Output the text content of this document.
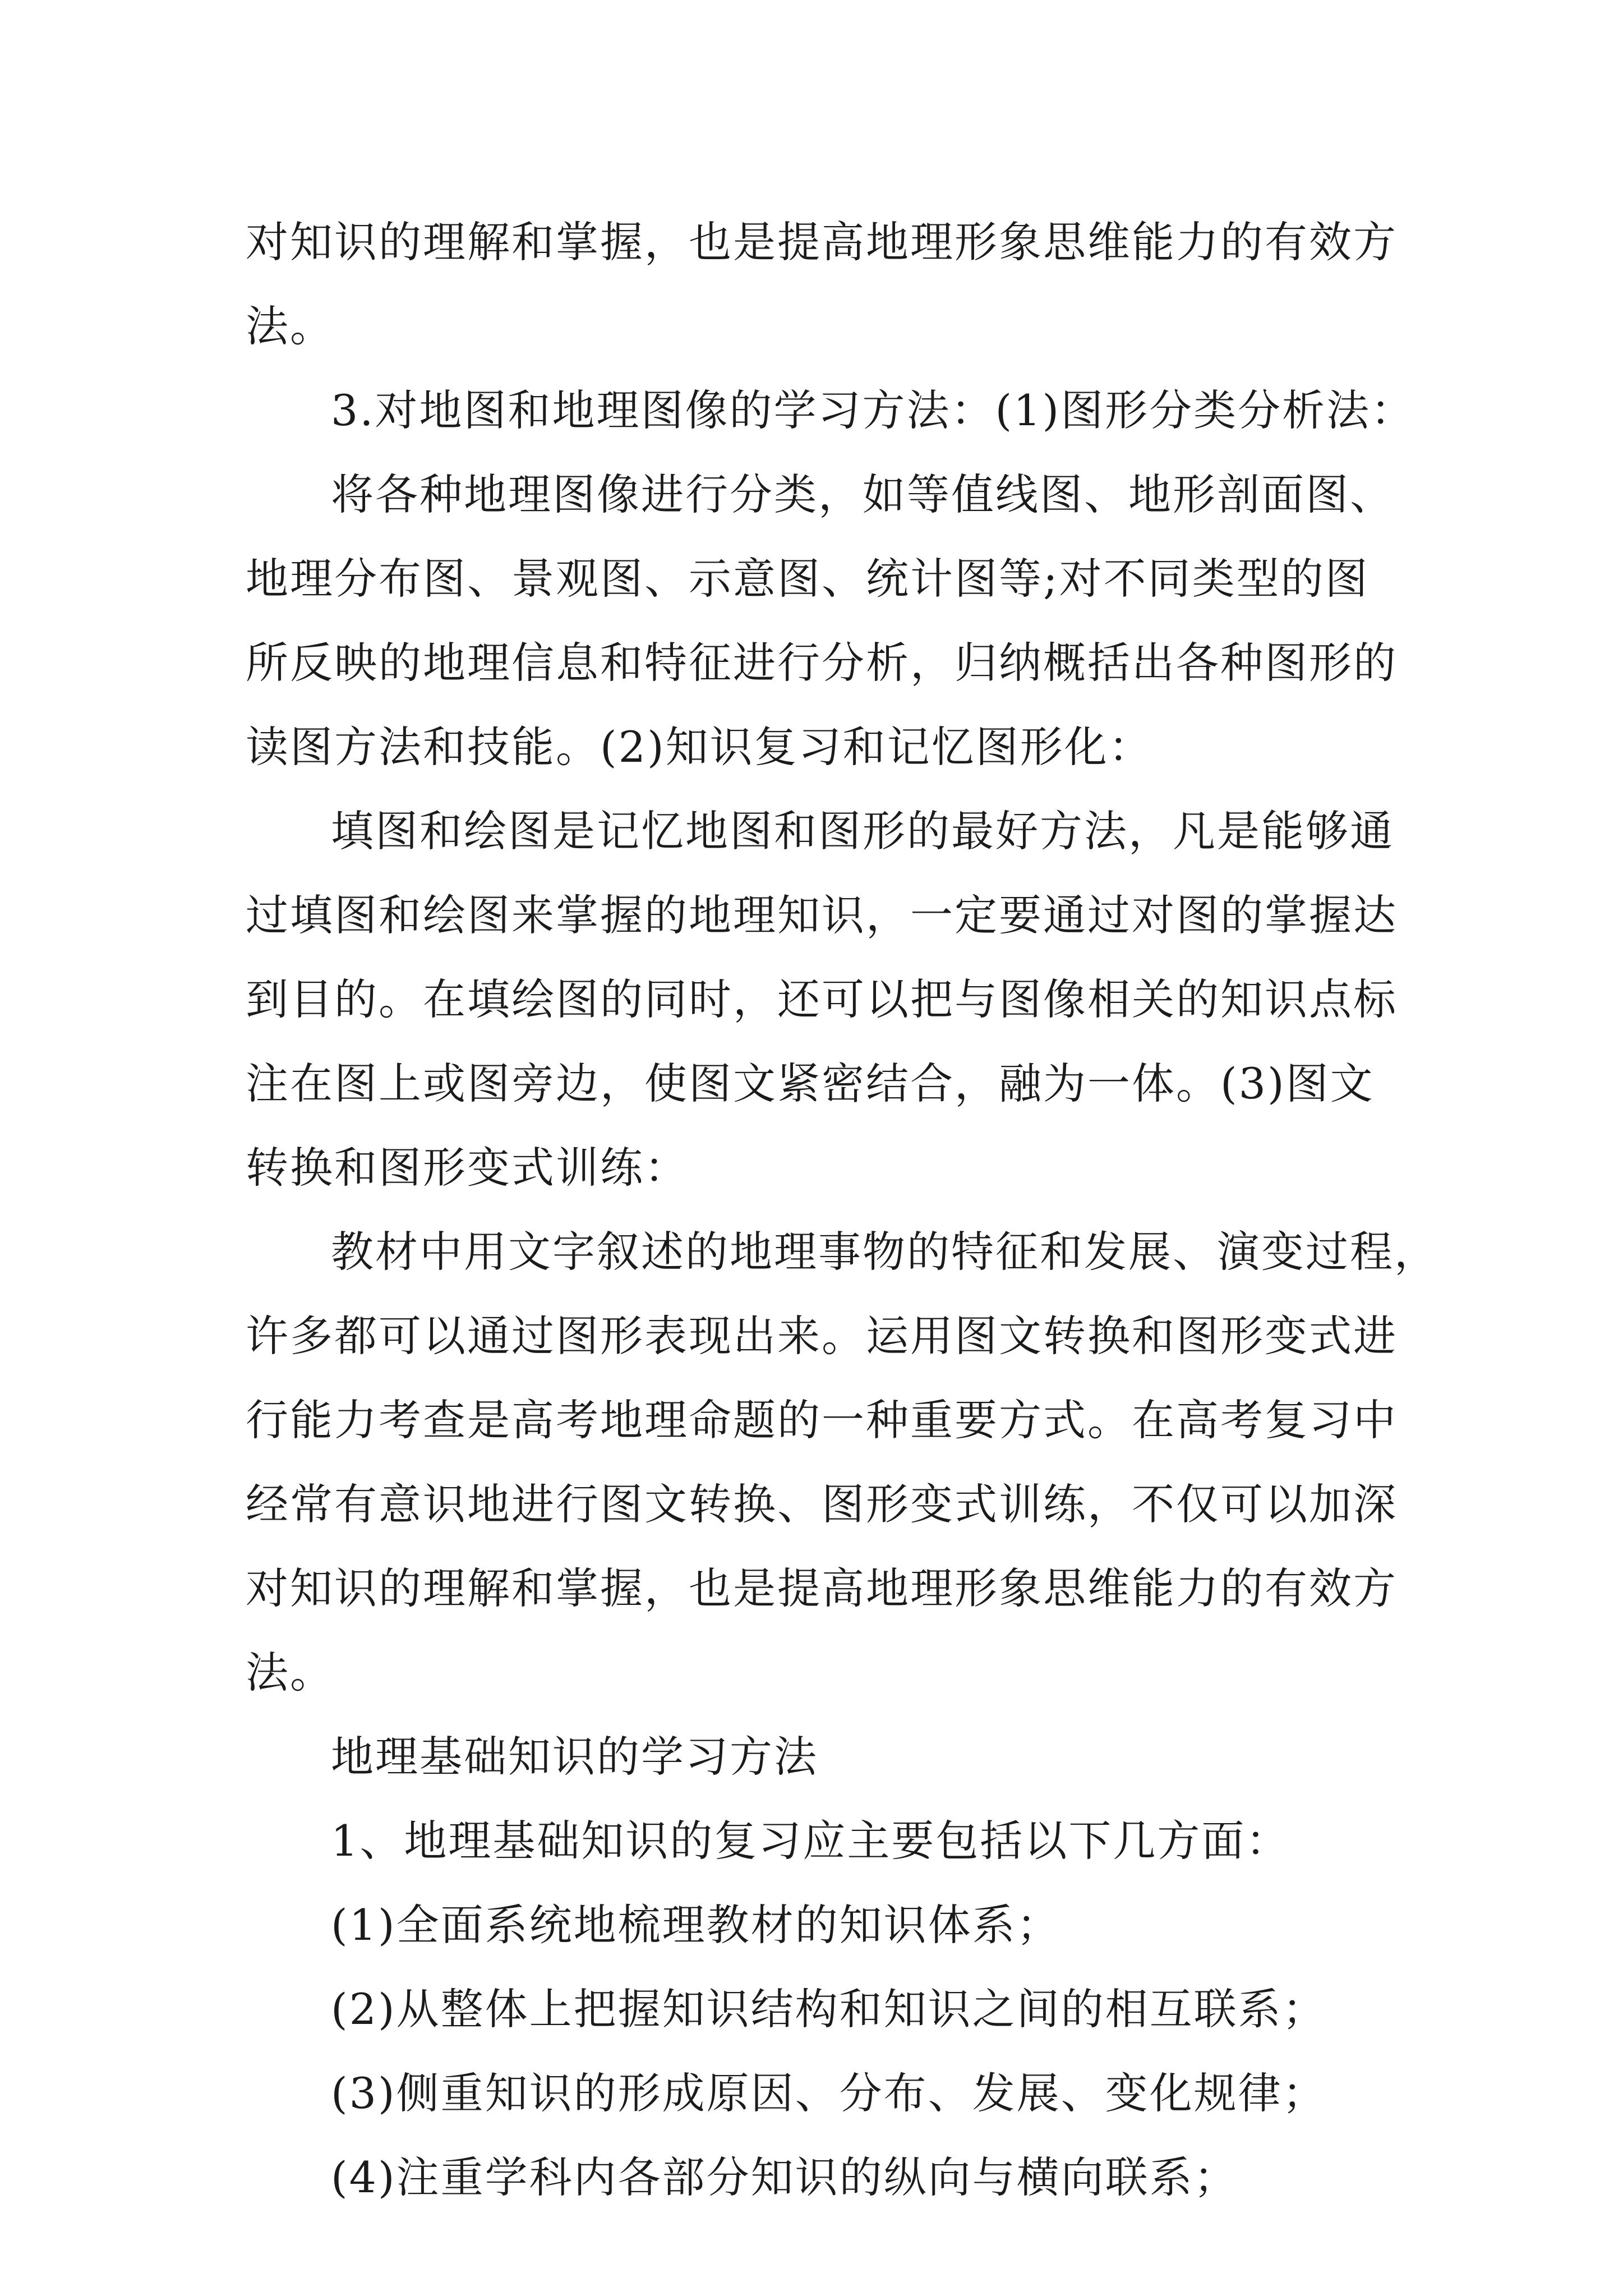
对知识的理解和掌握，也是提高地理形象思维能力的有效方
法。
3.对地图和地理图像的学习方法：(1)图形分类分析法：
将各种地理图像进行分类，如等值线图、地形剖面图、
地理分布图、景观图、示意图、统计图等;对不同类型的图
所反映的地理信息和特征进行分析，归纳概括出各种图形的
读图方法和技能。(2)知识复习和记忆图形化：
填图和绘图是记忆地图和图形的最好方法，凡是能够通
过填图和绘图来掌握的地理知识，一定要通过对图的掌握达
到目的。在填绘图的同时，还可以把与图像相关的知识点标
注在图上或图旁边，使图文紧密结合，融为一体。(3)图文
转换和图形变式训练：
教材中用文字叙述的地理事物的特征和发展、演变过程，
许多都可以通过图形表现出来。运用图文转换和图形变式进
行能力考查是高考地理命题的一种重要方式。在高考复习中
经常有意识地进行图文转换、图形变式训练，不仅可以加深
对知识的理解和掌握，也是提高地理形象思维能力的有效方
法。
地理基础知识的学习方法
1、地理基础知识的复习应主要包括以下几方面：
(1)全面系统地梳理教材的知识体系；
(2)从整体上把握知识结构和知识之间的相互联系；
(3)侧重知识的形成原因、分布、发展、变化规律；
(4)注重学科内各部分知识的纵向与横向联系；
